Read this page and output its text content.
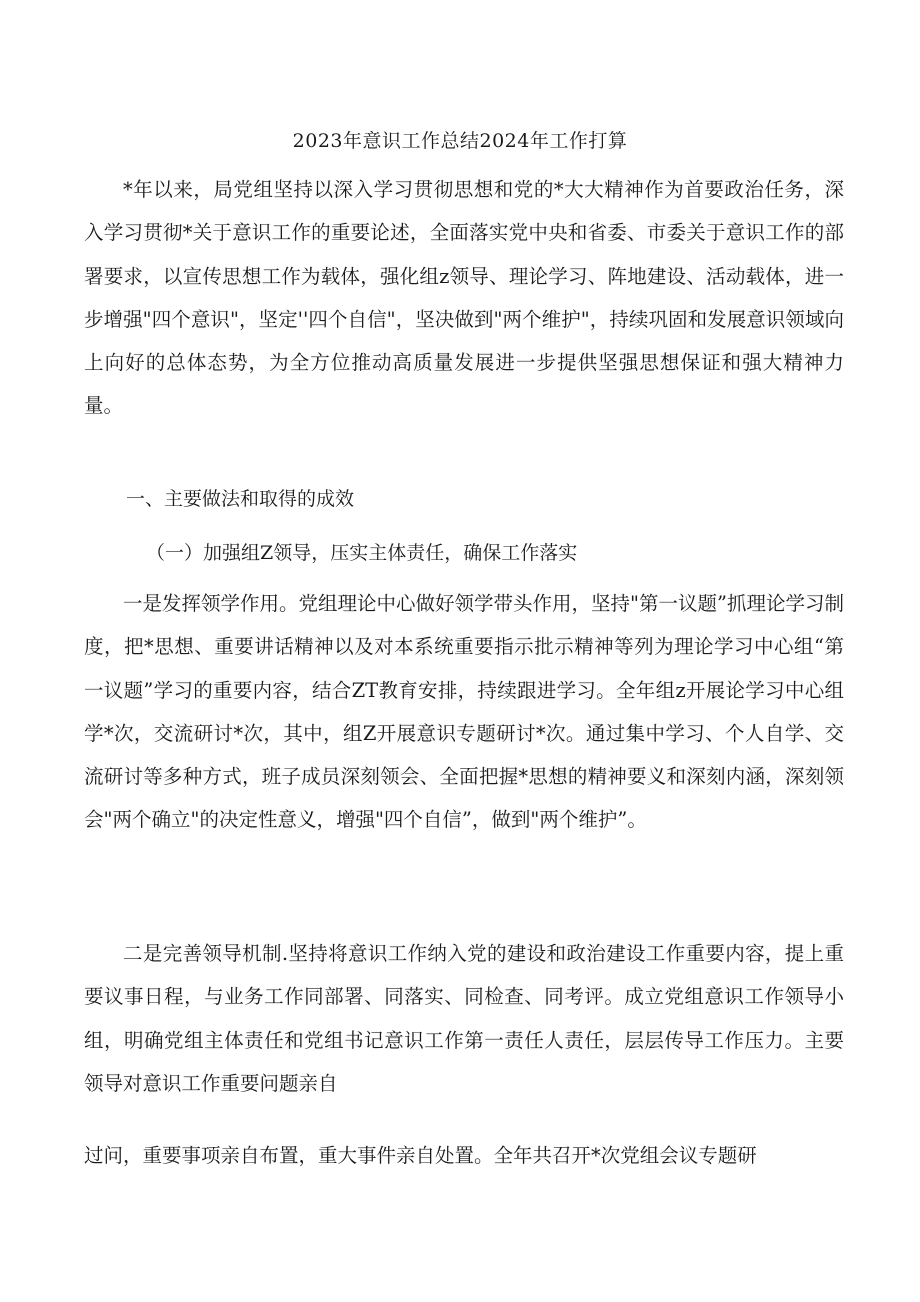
2023年意识工作总结2024年工作打算

*年以来，局党组坚持以深入学习贯彻思想和党的*大大精神作为首要政治任务，深入学习贯彻*关于意识工作的重要论述，全面落实党中央和省委、市委关于意识工作的部署要求，以宣传思想工作为载体，强化组z领导、理论学习、阵地建设、活动载体，进一步增强"四个意识"，坚定''四个自信"，坚决做到"两个维护"，持续巩固和发展意识领域向上向好的总体态势，为全方位推动高质量发展进一步提供坚强思想保证和强大精神力量。

一、主要做法和取得的成效
（一）加强组Z领导，压实主体责任，确保工作落实

一是发挥领学作用。党组理论中心做好领学带头作用，坚持"第一议题”抓理论学习制度，把*思想、重要讲话精神以及对本系统重要指示批示精神等列为理论学习中心组“第一议题”学习的重要内容，结合ZT教育安排，持续跟进学习。全年组z开展论学习中心组学*次，交流研讨*次，其中，组Z开展意识专题研讨*次。通过集中学习、个人自学、交流研讨等多种方式，班子成员深刻领会、全面把握*思想的精神要义和深刻内涵，深刻领会"两个确立"的决定性意义，增强"四个自信”，做到"两个维护”。

二是完善领导机制.坚持将意识工作纳入党的建设和政治建设工作重要内容，提上重要议事日程，与业务工作同部署、同落实、同检查、同考评。成立党组意识工作领导小组，明确党组主体责任和党组书记意识工作第一责任人责任，层层传导工作压力。主要领导对意识工作重要问题亲自

过问，重要事项亲自布置，重大事件亲自处置。全年共召开*次党组会议专题研
